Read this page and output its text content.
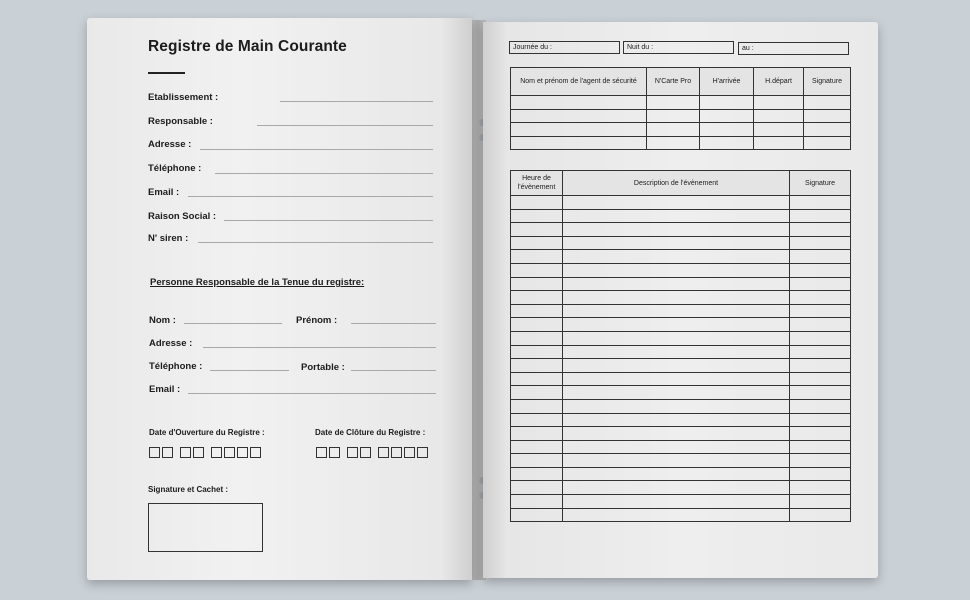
Registre de Main Courante
Etablissement :
Responsable :
Adresse :
Téléphone :
Email :
Raison Social :
N' siren :
Personne Responsable de la Tenue du registre:
Nom :	Prénom :
Adresse :
Téléphone :	Portable :
Email :
Date d'Ouverture du Registre :	Date de Clôture du Registre :
Signature et Cachet :
Journée du :	Nuit du :	au :
Nom et prénom de l'agent de sécurité	N'Carte Pro	H'arrivée	H.départ	Signature

Heure de l'évènement	Description de l'évènement	Signature
